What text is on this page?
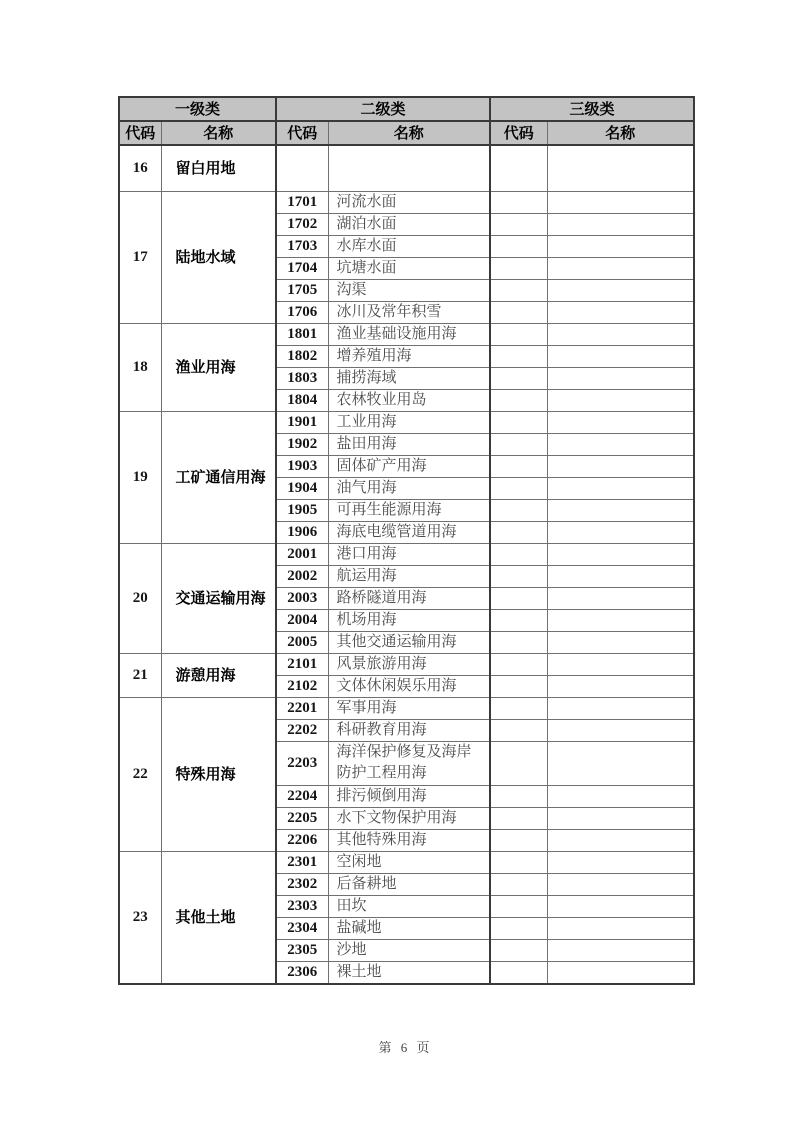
一级类		二级类		三级类	
代码	名称	代码	名称	代码	名称
16	留白用地				
17	陆地水域	1701	河流水面		
		1702	湖泊水面		
		1703	水库水面		
		1704	坑塘水面		
		1705	沟渠		
		1706	冰川及常年积雪		
18	渔业用海	1801	渔业基础设施用海		
		1802	增养殖用海		
		1803	捕捞海域		
		1804	农林牧业用岛		
19	工矿通信用海	1901	工业用海		
		1902	盐田用海		
		1903	固体矿产用海		
		1904	油气用海		
		1905	可再生能源用海		
		1906	海底电缆管道用海		
20	交通运输用海	2001	港口用海		
		2002	航运用海		
		2003	路桥隧道用海		
		2004	机场用海		
		2005	其他交通运输用海		
21	游憩用海	2101	风景旅游用海		
		2102	文体休闲娱乐用海		
22	特殊用海	2201	军事用海		
		2202	科研教育用海		
		2203	海洋保护修复及海岸防护工程用海		
		2204	排污倾倒用海		
		2205	水下文物保护用海		
		2206	其他特殊用海		
23	其他土地	2301	空闲地		
		2302	后备耕地		
		2303	田坎		
		2304	盐碱地		
		2305	沙地		
		2306	裸土地		
第 6 页
